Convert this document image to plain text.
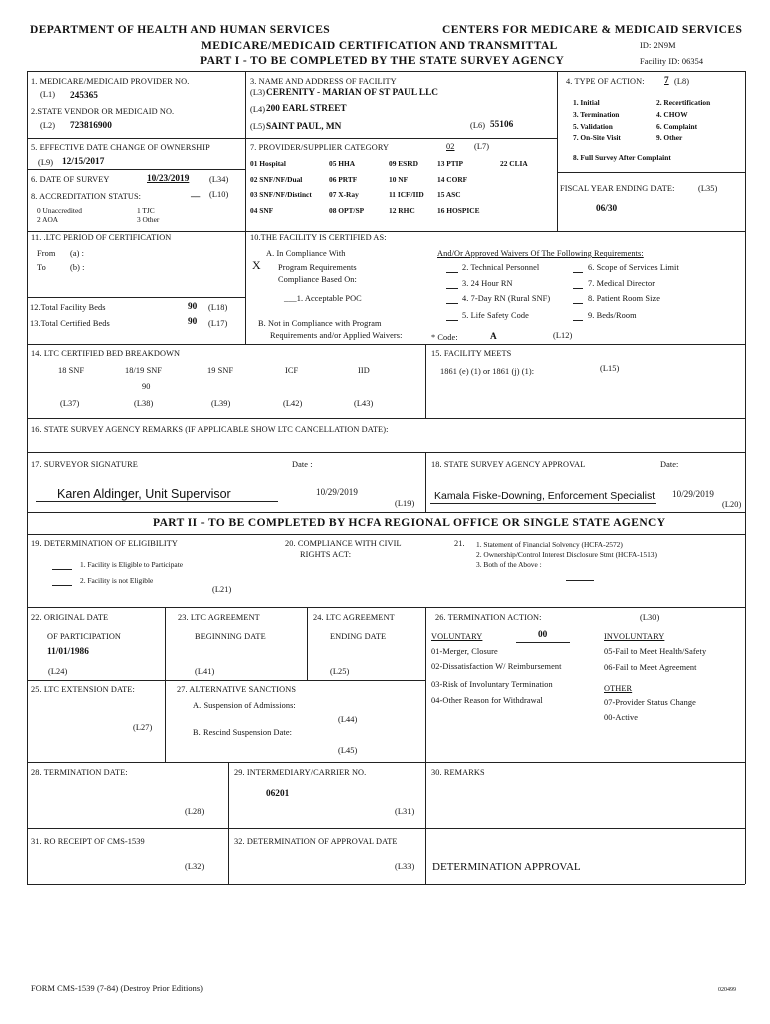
DEPARTMENT OF HEALTH AND HUMAN SERVICES	CENTERS FOR MEDICARE & MEDICAID SERVICES
MEDICARE/MEDICAID CERTIFICATION AND TRANSMITTAL	ID: 2N9M
PART I - TO BE COMPLETED BY THE STATE SURVEY AGENCY	Facility ID: 06354
1. MEDICARE/MEDICAID PROVIDER NO.
(L1) 245365
2.STATE VENDOR OR MEDICAID NO.
(L2) 723816900
3. NAME AND ADDRESS OF FACILITY
(L3) CERENITY - MARIAN OF ST PAUL LLC
(L4) 200 EARL STREET
(L5) SAINT PAUL, MN	(L6) 55106
4. TYPE OF ACTION: 7 (L8)
1. Initial
3. Termination
5. Validation
7. On-Site Visit
2. Recertification
4. CHOW
6. Complaint
9. Other
8. Full Survey After Complaint
5. EFFECTIVE DATE CHANGE OF OWNERSHIP
(L9) 12/15/2017
6. DATE OF SURVEY	10/23/2019 (L34)
8. ACCREDITATION STATUS:	__ (L10)
0 Unaccredited	1 TJC
2 AOA	3 Other
7. PROVIDER/SUPPLIER CATEGORY	02 (L7)
01 Hospital	05 HHA	09 ESRD	13 PTIP	22 CLIA
02 SNF/NF/Dual	06 PRTF	10 NF	14 CORF
03 SNF/NF/Distinct 07 X-Ray	11 ICF/IID 15 ASC
04 SNF	08 OPT/SP	12 RHC	16 HOSPICE
FISCAL YEAR ENDING DATE:	(L35)
06/30
11. .LTC PERIOD OF CERTIFICATION
From (a) :
To	(b) :
12.Total Facility Beds	90 (L18)
13.Total Certified Beds	90 (L17)
10.THE FACILITY IS CERTIFIED AS:
A. In Compliance With
X Program Requirements
Compliance Based On:
___1. Acceptable POC
B. Not in Compliance with Program
Requirements and/or Applied Waivers:
And/Or Approved Waivers Of The Following Requirements:
2. Technical Personnel
3. 24 Hour RN
4. 7-Day RN (Rural SNF)
5. Life Safety Code
6. Scope of Services Limit
7. Medical Director
8. Patient Room Size
9. Beds/Room
* Code:	A	(L12)
14. LTC CERTIFIED BED BREAKDOWN
18 SNF	18/19 SNF	19 SNF	ICF	IID
90
(L37)	(L38)	(L39)	(L42)	(L43)
15. FACILITY MEETS
1861 (e) (1) or 1861 (j) (1):	(L15)
16. STATE SURVEY AGENCY REMARKS (IF APPLICABLE SHOW LTC CANCELLATION DATE):
17. SURVEYOR SIGNATURE	Date :
Karen Aldinger, Unit Supervisor	10/29/2019
(L19)
18. STATE SURVEY AGENCY APPROVAL	Date:
Kamala Fiske-Downing, Enforcement Specialist 10/29/2019
(L20)
PART II - TO BE COMPLETED BY HCFA REGIONAL OFFICE OR SINGLE STATE AGENCY
19. DETERMINATION OF ELIGIBILITY
1. Facility is Eligible to Participate
2. Facility is not Eligible
(L21)
20. COMPLIANCE WITH CIVIL
RIGHTS ACT:
21. 1. Statement of Financial Solvency (HCFA-2572)
2. Ownership/Control Interest Disclosure Stmt (HCFA-1513)
3. Both of the Above :
22. ORIGINAL DATE
OF PARTICIPATION
11/01/1986
(L24)
23. LTC AGREEMENT
BEGINNING DATE
(L41)
24. LTC AGREEMENT
ENDING DATE
(L25)
25. LTC EXTENSION DATE:
(L27)
27. ALTERNATIVE SANCTIONS
A. Suspension of Admissions:
(L44)
B. Rescind Suspension Date:
(L45)
26. TERMINATION ACTION:	(L30)
VOLUNTARY	00	INVOLUNTARY
01-Merger, Closure
02-Dissatisfaction W/ Reimbursement
03-Risk of Involuntary Termination
04-Other Reason for Withdrawal
05-Fail to Meet Health/Safety
06-Fail to Meet Agreement
OTHER
07-Provider Status Change
00-Active
28. TERMINATION DATE:
(L28)
29. INTERMEDIARY/CARRIER NO.
06201
(L31)
30. REMARKS
31. RO RECEIPT OF CMS-1539
(L32)
32. DETERMINATION OF APPROVAL DATE
(L33) DETERMINATION APPROVAL
FORM CMS-1539 (7-84) (Destroy Prior Editions)	020499
